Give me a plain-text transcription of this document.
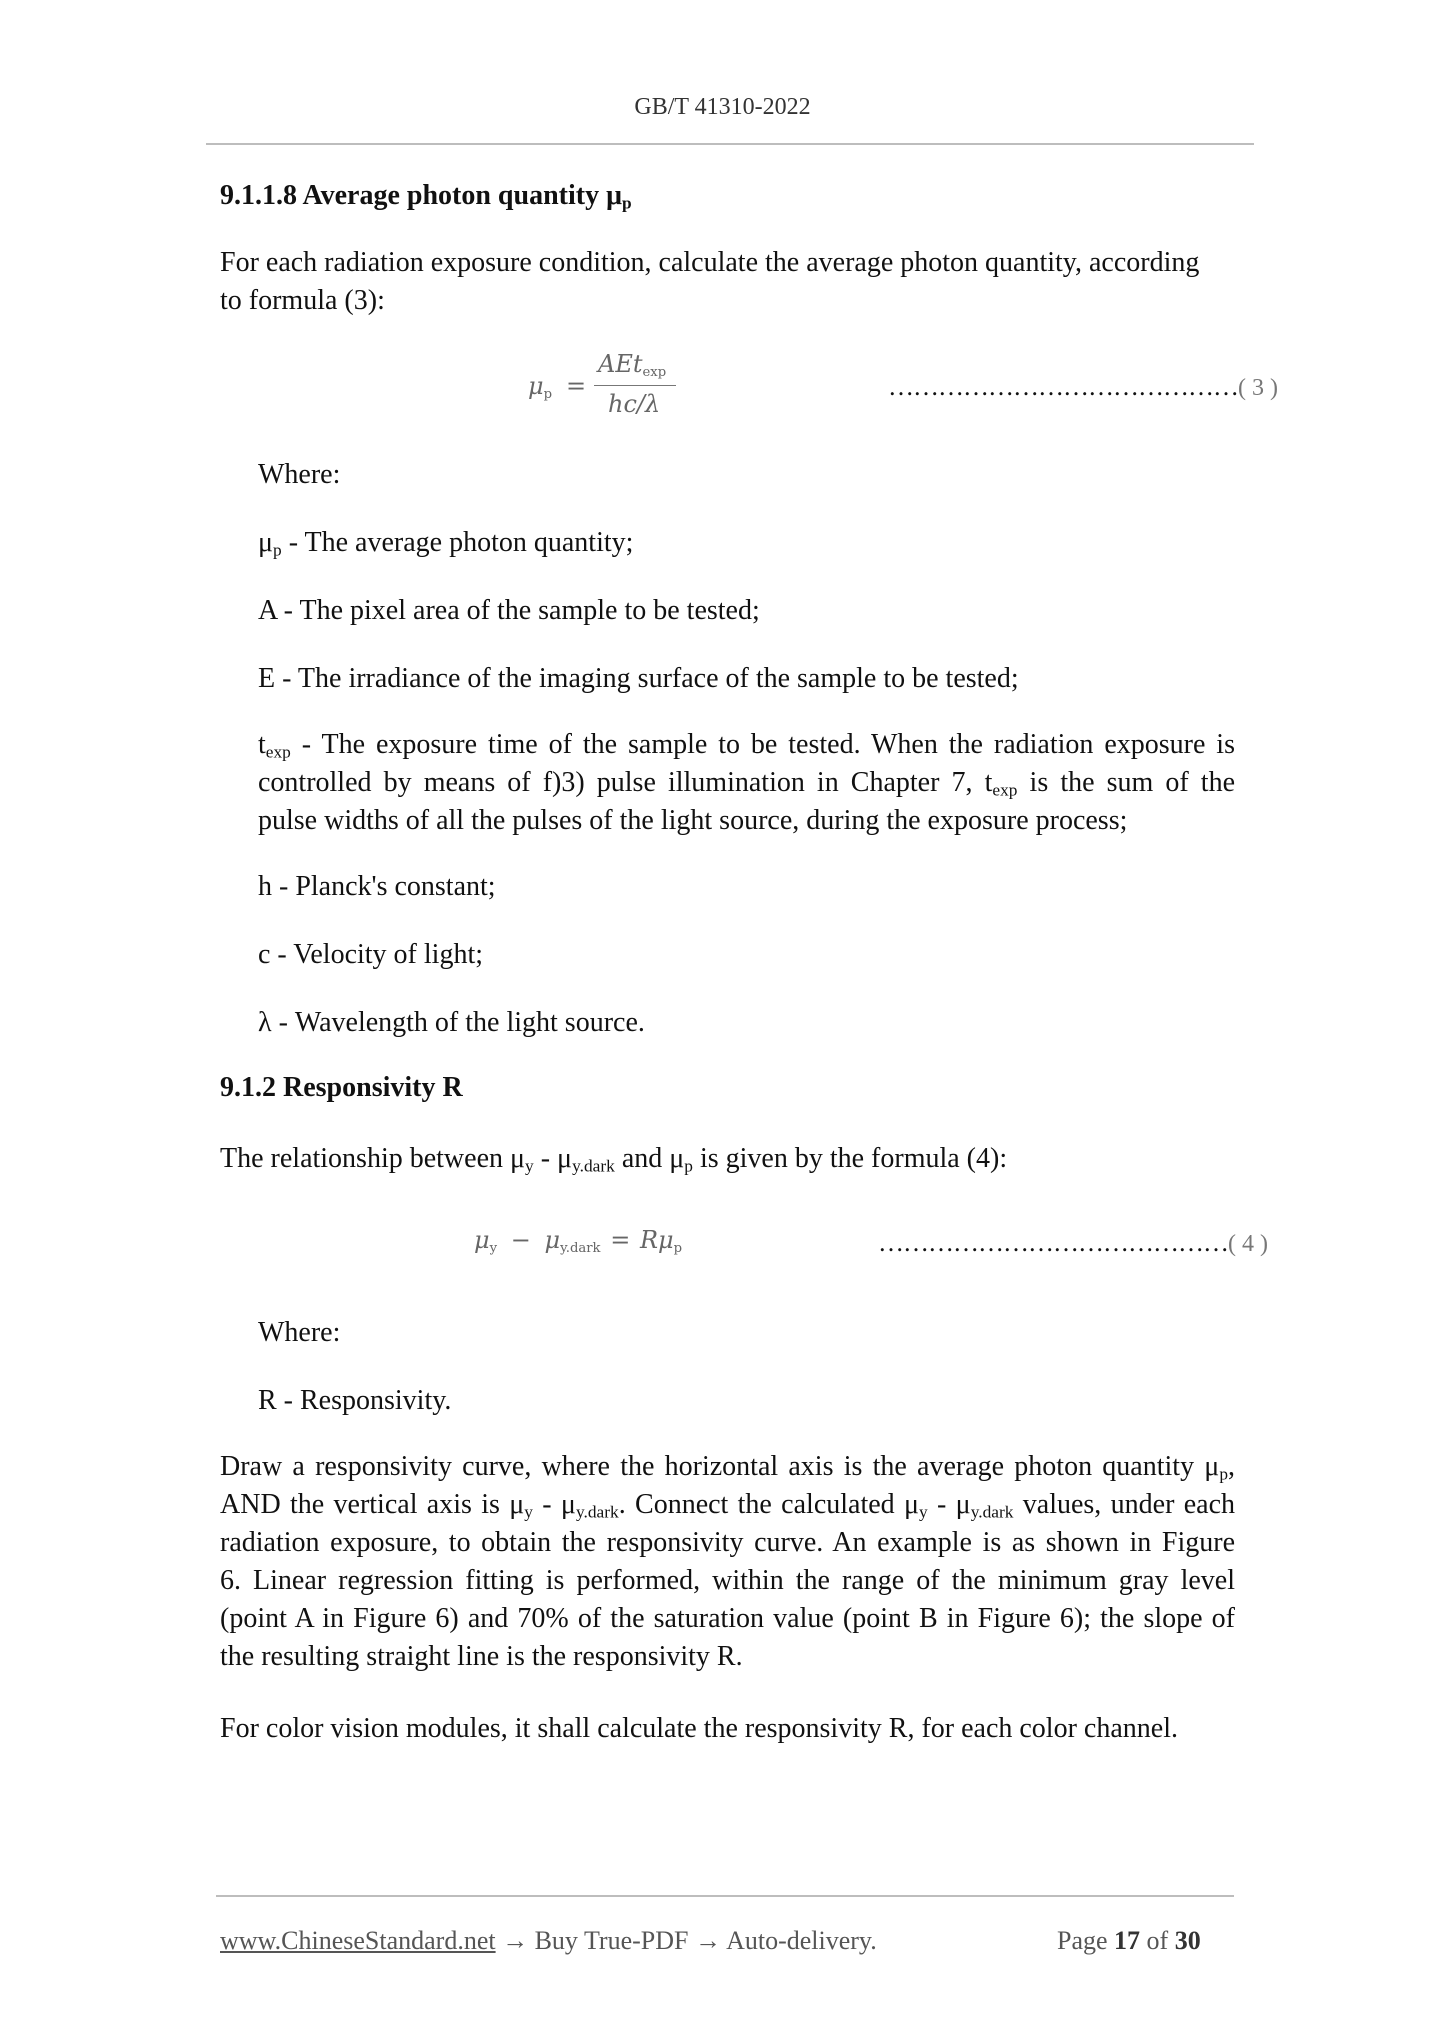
GB/T 41310-2022
9.1.1.8 Average photon quantity $\mu_p$
For each radiation exposure condition, calculate the average photon quantity, according
to formula (3):
μp =
AEtexp
hc/λ
……………………………………(3)
Where:
$\mu_p$ - The average photon quantity;
A - The pixel area of the sample to be tested;
E - The irradiance of the imaging surface of the sample to be tested;
$t_{exp}$ - The exposure time of the sample to be tested. When the radiation exposure is
controlled by means of f)3) pulse illumination in Chapter 7, $t_{exp}$ is the sum of the
pulse widths of all the pulses of the light source, during the exposure process;
h - Planck's constant;
c - Velocity of light;
λ - Wavelength of the light source.
9.1.2 Responsivity R
The relationship between $\mu_y - \mu_{y.dark}$ and $\mu_p$ is given by the formula (4):
μy − μy.dark = Rμp	……………………………………(4)
Where:
R - Responsivity.
Draw a responsivity curve, where the horizontal axis is the average photon quantity $\mu_p$,
AND the vertical axis is $\mu_y - \mu_{y.dark}$. Connect the calculated $\mu_y - \mu_{y.dark}$ values, under each
radiation exposure, to obtain the responsivity curve. An example is as shown in Figure
6. Linear regression fitting is performed, within the range of the minimum gray level
(point A in Figure 6) and 70% of the saturation value (point B in Figure 6); the slope of
the resulting straight line is the responsivity R.
For color vision modules, it shall calculate the responsivity R, for each color channel.
www.ChineseStandard.net → Buy True-PDF → Auto-delivery.	Page 17 of 30
